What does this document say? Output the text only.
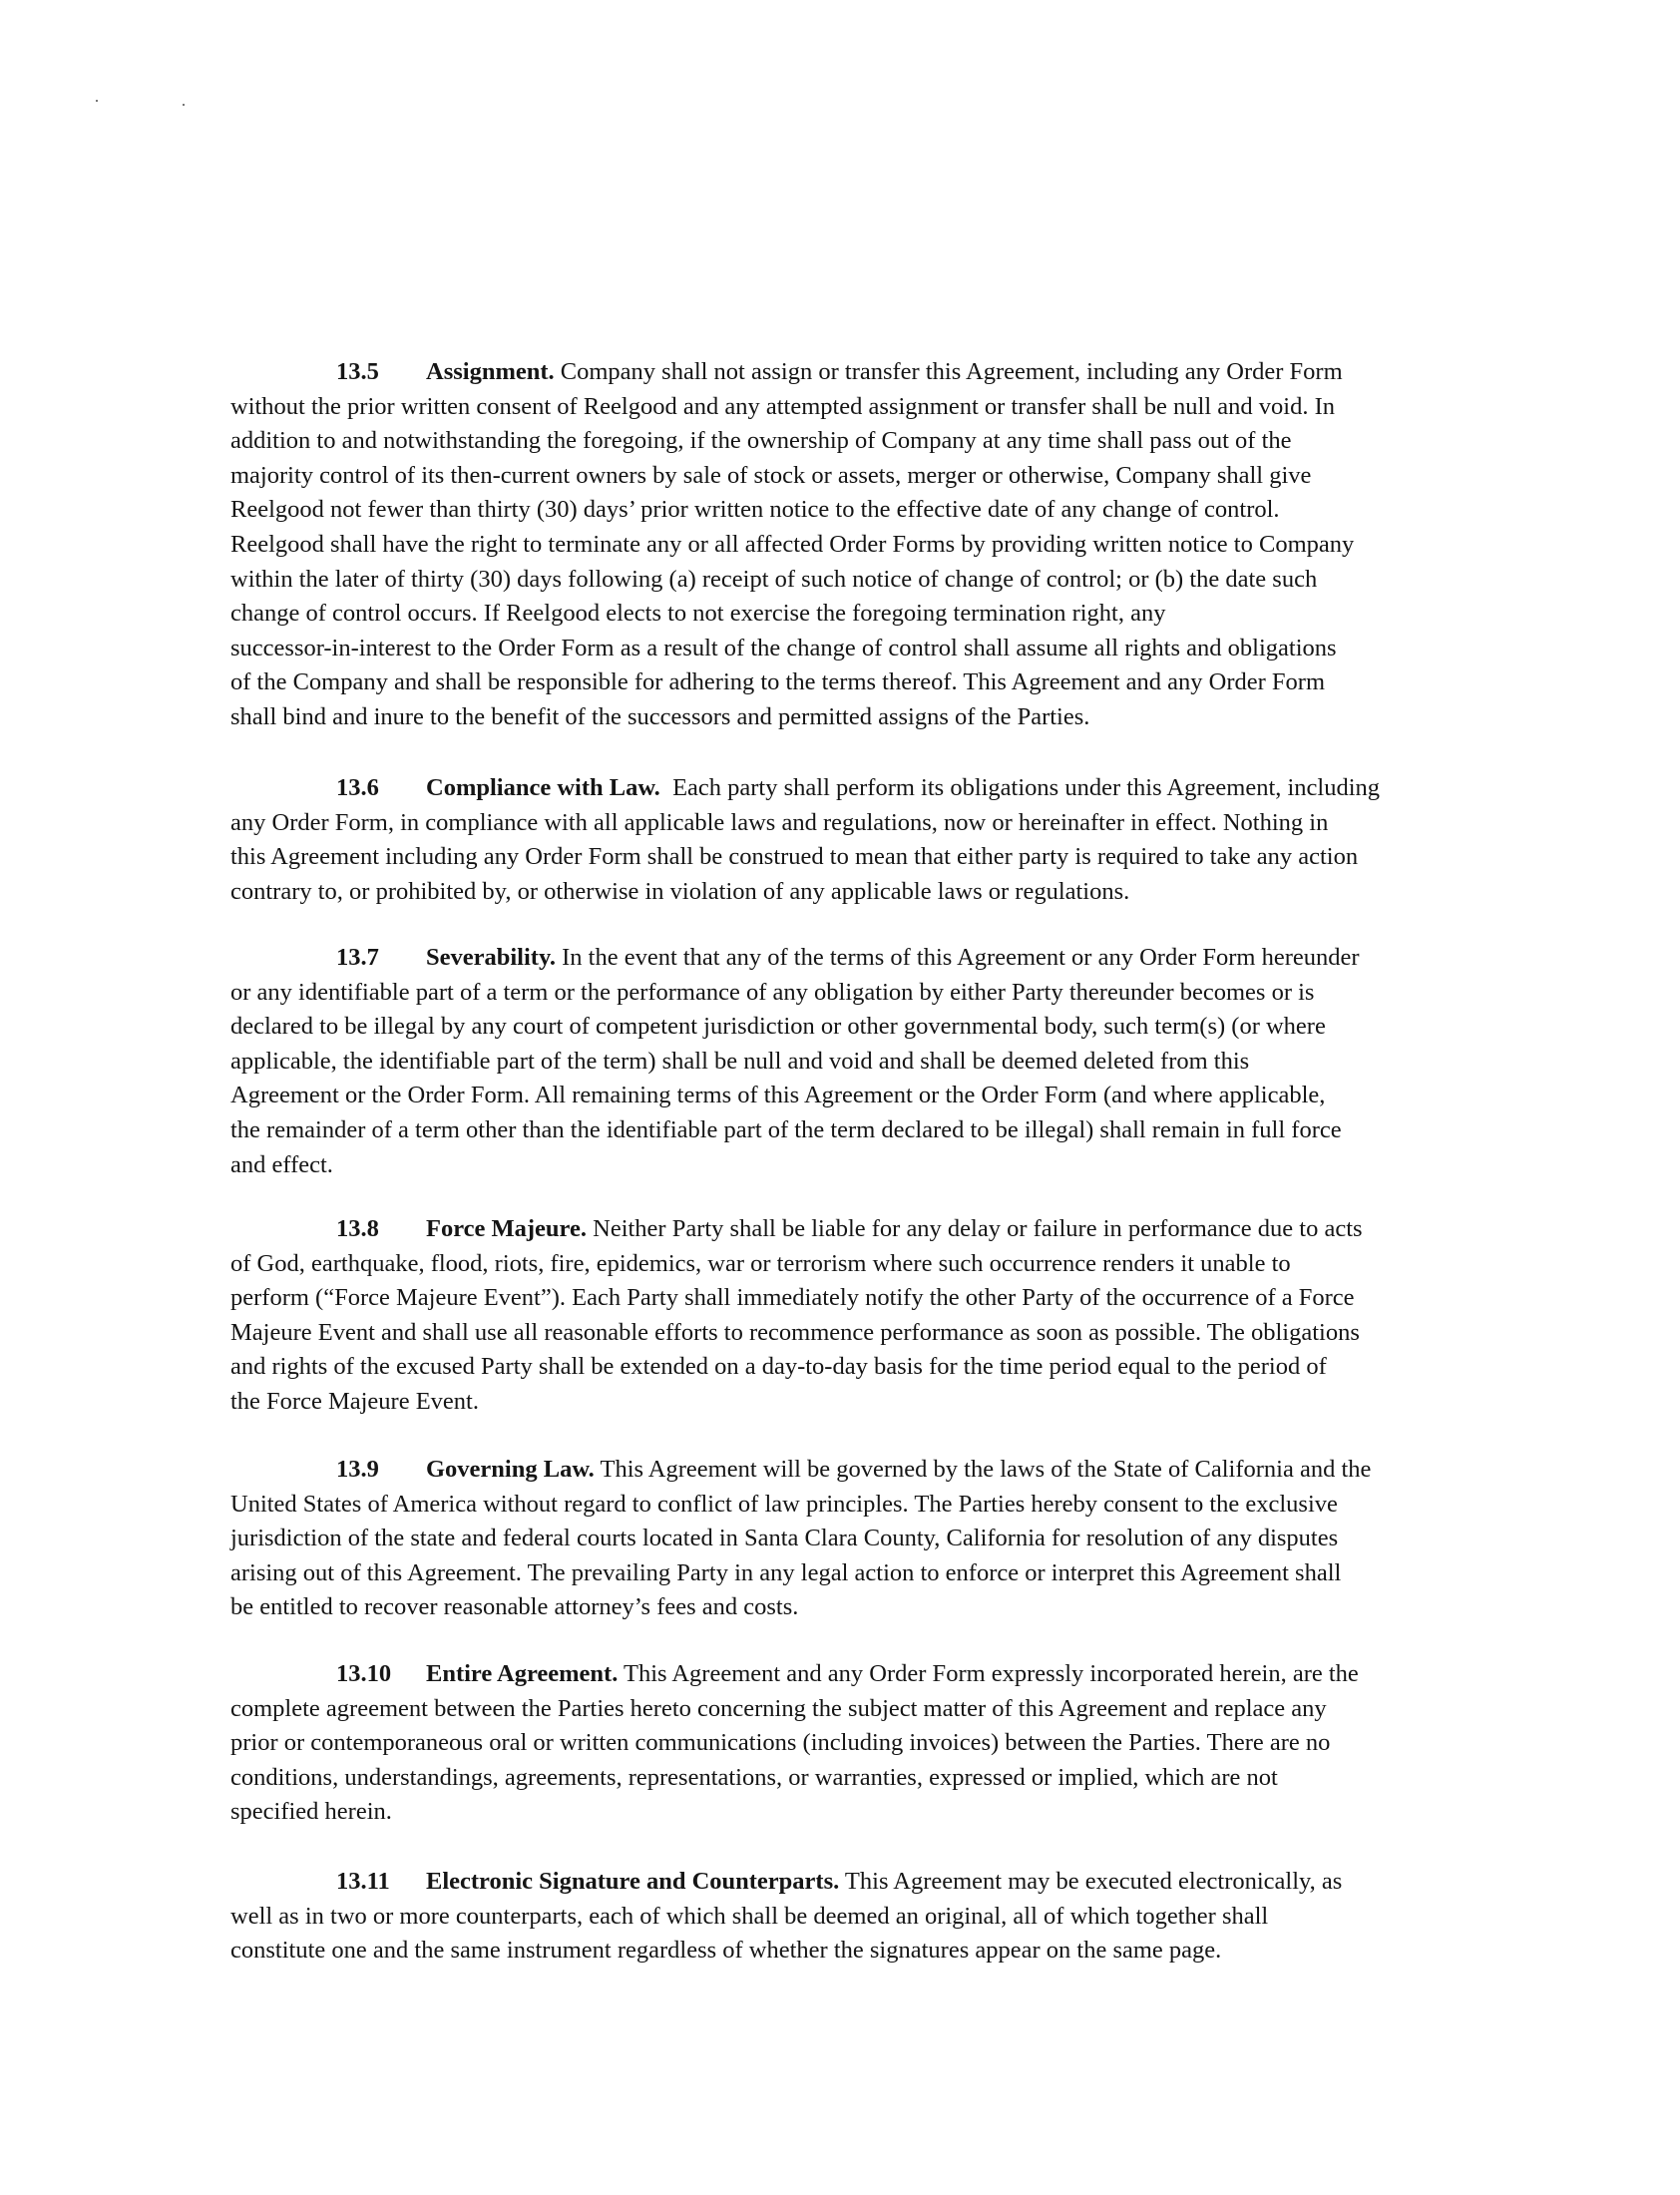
13.5 Assignment. Company shall not assign or transfer this Agreement, including any Order Form
without the prior written consent of Reelgood and any attempted assignment or transfer shall be null and void. In
addition to and notwithstanding the foregoing, if the ownership of Company at any time shall pass out of the
majority control of its then-current owners by sale of stock or assets, merger or otherwise, Company shall give
Reelgood not fewer than thirty (30) days’ prior written notice to the effective date of any change of control.
Reelgood shall have the right to terminate any or all affected Order Forms by providing written notice to Company
within the later of thirty (30) days following (a) receipt of such notice of change of control; or (b) the date such
change of control occurs. If Reelgood elects to not exercise the foregoing termination right, any
successor-in-interest to the Order Form as a result of the change of control shall assume all rights and obligations
of the Company and shall be responsible for adhering to the terms thereof. This Agreement and any Order Form
shall bind and inure to the benefit of the successors and permitted assigns of the Parties.
13.6 Compliance with Law.  Each party shall perform its obligations under this Agreement, including
any Order Form, in compliance with all applicable laws and regulations, now or hereinafter in effect. Nothing in
this Agreement including any Order Form shall be construed to mean that either party is required to take any action
contrary to, or prohibited by, or otherwise in violation of any applicable laws or regulations.
13.7 Severability. In the event that any of the terms of this Agreement or any Order Form hereunder
or any identifiable part of a term or the performance of any obligation by either Party thereunder becomes or is
declared to be illegal by any court of competent jurisdiction or other governmental body, such term(s) (or where
applicable, the identifiable part of the term) shall be null and void and shall be deemed deleted from this
Agreement or the Order Form. All remaining terms of this Agreement or the Order Form (and where applicable,
the remainder of a term other than the identifiable part of the term declared to be illegal) shall remain in full force
and effect.
13.8 Force Majeure. Neither Party shall be liable for any delay or failure in performance due to acts
of God, earthquake, flood, riots, fire, epidemics, war or terrorism where such occurrence renders it unable to
perform (“Force Majeure Event”). Each Party shall immediately notify the other Party of the occurrence of a Force
Majeure Event and shall use all reasonable efforts to recommence performance as soon as possible. The obligations
and rights of the excused Party shall be extended on a day-to-day basis for the time period equal to the period of
the Force Majeure Event.
13.9 Governing Law. This Agreement will be governed by the laws of the State of California and the
United States of America without regard to conflict of law principles. The Parties hereby consent to the exclusive
jurisdiction of the state and federal courts located in Santa Clara County, California for resolution of any disputes
arising out of this Agreement. The prevailing Party in any legal action to enforce or interpret this Agreement shall
be entitled to recover reasonable attorney’s fees and costs.
13.10 Entire Agreement. This Agreement and any Order Form expressly incorporated herein, are the
complete agreement between the Parties hereto concerning the subject matter of this Agreement and replace any
prior or contemporaneous oral or written communications (including invoices) between the Parties. There are no
conditions, understandings, agreements, representations, or warranties, expressed or implied, which are not
specified herein.
13.11 Electronic Signature and Counterparts. This Agreement may be executed electronically, as
well as in two or more counterparts, each of which shall be deemed an original, all of which together shall
constitute one and the same instrument regardless of whether the signatures appear on the same page.
